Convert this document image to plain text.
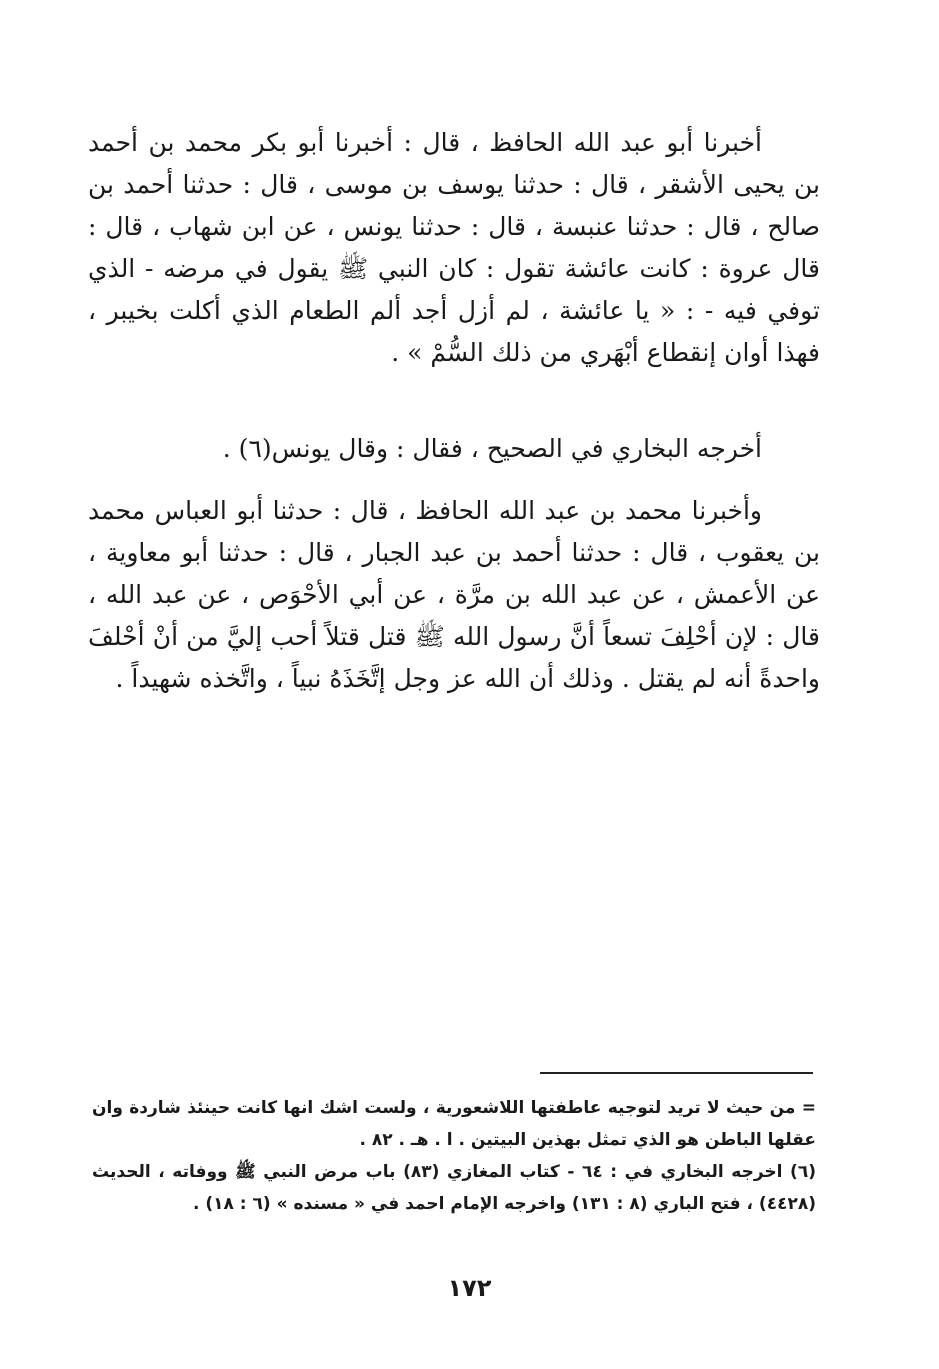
أخبرنا أبو عبد الله الحافظ ، قال : أخبرنا أبو بكر محمد بن أحمد بن يحيى الأشقر ، قال : حدثنا يوسف بن موسى ، قال : حدثنا أحمد بن صالح ، قال : حدثنا عنبسة ، قال : حدثنا يونس ، عن ابن شهاب ، قال : قال عروة : كانت عائشة تقول : كان النبي ﷺ يقول في مرضه - الذي توفي فيه - : « يا عائشة ، لم أزل أجد ألم الطعام الذي أكلت بخيبر ، فهذا أوان إنقطاع أبْهَري من ذلك السُّمْ » .

أخرجه البخاري في الصحيح ، فقال : وقال يونس(٦) .

وأخبرنا محمد بن عبد الله الحافظ ، قال : حدثنا أبو العباس محمد بن يعقوب ، قال : حدثنا أحمد بن عبد الجبار ، قال : حدثنا أبو معاوية ، عن الأعمش ، عن عبد الله بن مرَّة ، عن أبي الأحْوَص ، عن عبد الله ، قال : لإن أحْلِفَ تسعاً أنَّ رسول الله ﷺ قتل قتلاً أحب إليَّ من أنْ أحْلفَ واحدةً أنه لم يقتل . وذلك أن الله عز وجل إتَّخَذَهُ نبياً ، واتَّخذه شهيداً .

= من حيث لا تريد لتوجيه عاطفتها اللاشعورية ، ولست اشك انها كانت حينئذ شاردة وان عقلها الباطن هو الذي تمثل بهذين البيتين . ا . هـ . ٨٢ .

(٦) اخرجه البخاري في : ٦٤ - كتاب المغازي (٨٣) باب مرض النبي ﷺ ووفاته ، الحديث (٤٤٢٨) ، فتح الباري (٨ : ١٣١) واخرجه الإمام احمد في « مسنده » (٦ : ١٨) .

١٧٢
